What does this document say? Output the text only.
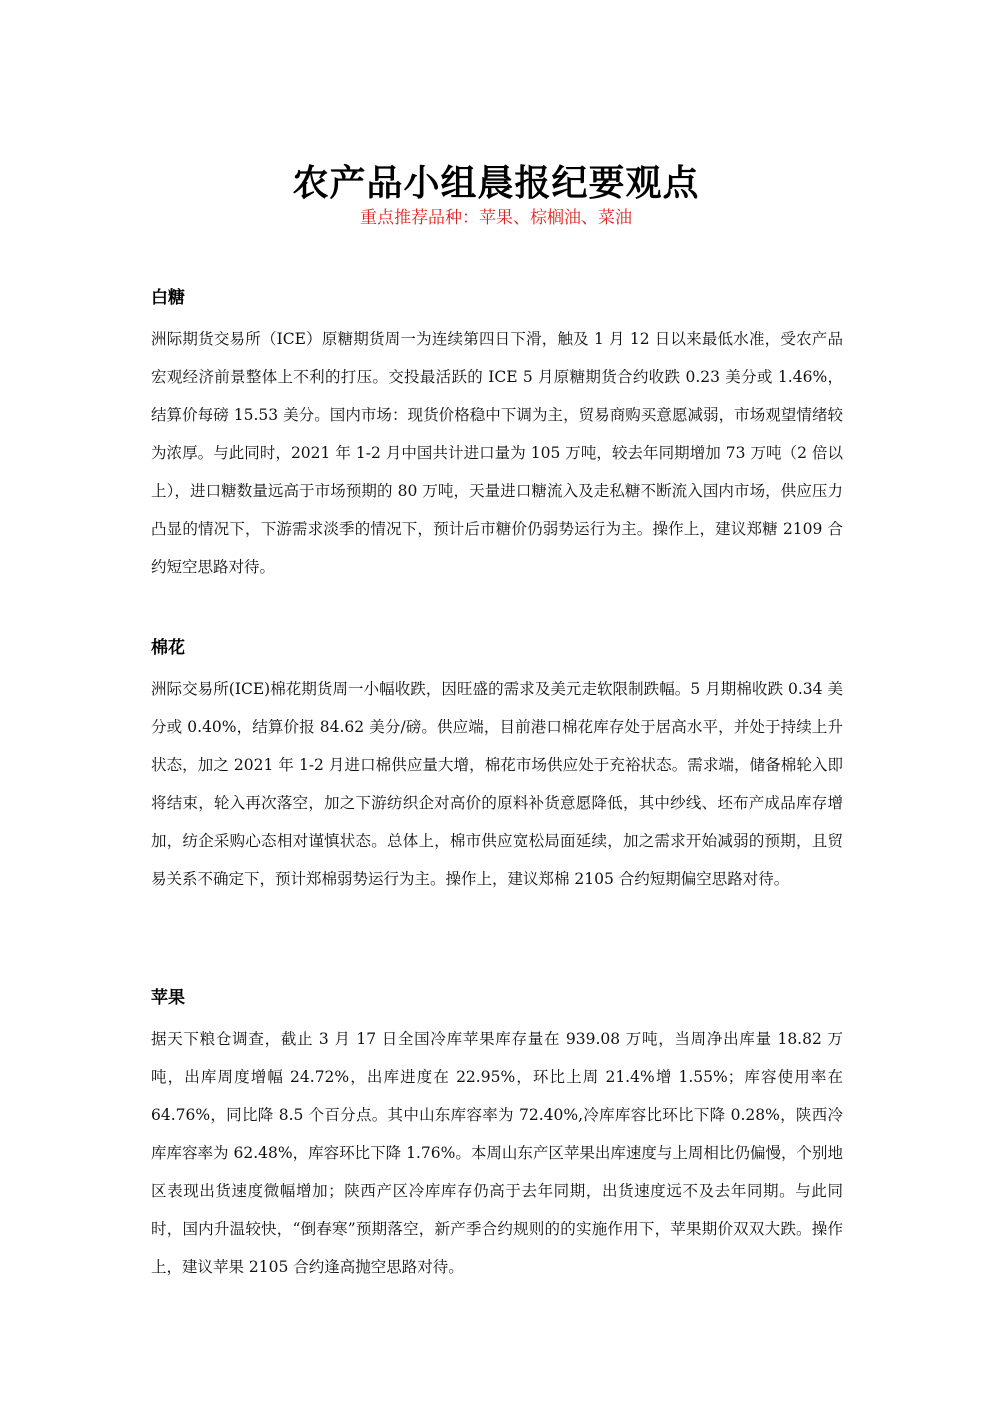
农产品小组晨报纪要观点
重点推荐品种：苹果、棕榈油、菜油
白糖

洲际期货交易所（ICE）原糖期货周一为连续第四日下滑，触及 1 月 12 日以来最低水准，受农产品宏观经济前景整体上不利的打压。交投最活跃的 ICE 5 月原糖期货合约收跌 0.23 美分或 1.46%，结算价每磅 15.53 美分。国内市场：现货价格稳中下调为主，贸易商购买意愿减弱，市场观望情绪较为浓厚。与此同时，2021 年 1-2 月中国共计进口量为 105 万吨，较去年同期增加 73 万吨（2 倍以上），进口糖数量远高于市场预期的 80 万吨，天量进口糖流入及走私糖不断流入国内市场，供应压力凸显的情况下，下游需求淡季的情况下，预计后市糖价仍弱势运行为主。操作上，建议郑糖 2109 合约短空思路对待。

棉花

洲际交易所(ICE)棉花期货周一小幅收跌，因旺盛的需求及美元走软限制跌幅。5 月期棉收跌 0.34 美分或 0.40%，结算价报 84.62 美分/磅。供应端，目前港口棉花库存处于居高水平，并处于持续上升状态，加之 2021 年 1-2 月进口棉供应量大增，棉花市场供应处于充裕状态。需求端，储备棉轮入即将结束，轮入再次落空，加之下游纺织企对高价的原料补货意愿降低，其中纱线、坯布产成品库存增加，纺企采购心态相对谨慎状态。总体上，棉市供应宽松局面延续，加之需求开始减弱的预期，且贸易关系不确定下，预计郑棉弱势运行为主。操作上，建议郑棉 2105 合约短期偏空思路对待。

苹果

据天下粮仓调查，截止 3 月 17 日全国冷库苹果库存量在 939.08 万吨，当周净出库量 18.82 万吨，出库周度增幅 24.72%，出库进度在 22.95%，环比上周 21.4%增 1.55%；库容使用率在 64.76%，同比降 8.5 个百分点。其中山东库容率为 72.40%,冷库库容比环比下降 0.28%，陕西冷库库容率为 62.48%，库容环比下降 1.76%。本周山东产区苹果出库速度与上周相比仍偏慢，个别地区表现出货速度微幅增加；陕西产区冷库库存仍高于去年同期，出货速度远不及去年同期。与此同时，国内升温较快，“倒春寒”预期落空，新产季合约规则的的实施作用下，苹果期价双双大跌。操作上，建议苹果 2105 合约逢高抛空思路对待。
